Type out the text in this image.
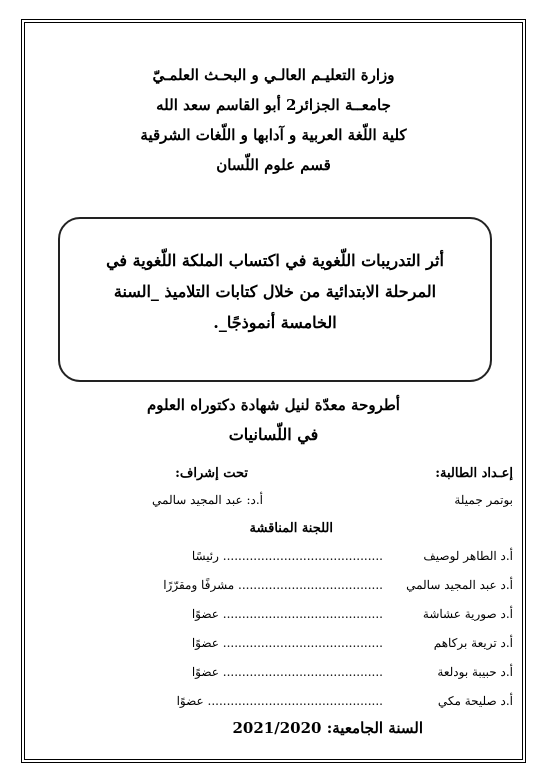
وزارة التعليـم العالـي و البحـث العلمـيّ
جامعــة الجزائر2 أبو القاسم سعد الله
كلية اللّغة العربية و آدابها و اللّغات الشرقية
قسم علوم اللّسان
أثر التدريبات اللّغوية في اكتساب الملكة اللّغوية في
المرحلة الابتدائية من خلال كتابات التلاميذ _السنة
الخامسة أنموذجًا_.
أطروحة معدّة لنيل شهادة دكتوراه العلوم
في اللّسانيات
إعـداد الطالبة:
تحت إشراف:
بوتمر جميلة
أ.د: عبد المجيد سالمي
اللجنة المناقشة
أ.د الطاهر لوصيف.......................................... رئيسًا
أ.د عبد المجيد سالمي...................................... مشرفًا ومقرّرًا
أ.د صورية عشاشة.......................................... عضوًا
أ.د تريعة بركاهم.......................................... عضوًا
أ.د حبيبة بودلعة.......................................... عضوًا
أ.د صليحة مكي.............................................. عضوًا
السنة الجامعية: 2021/2020
